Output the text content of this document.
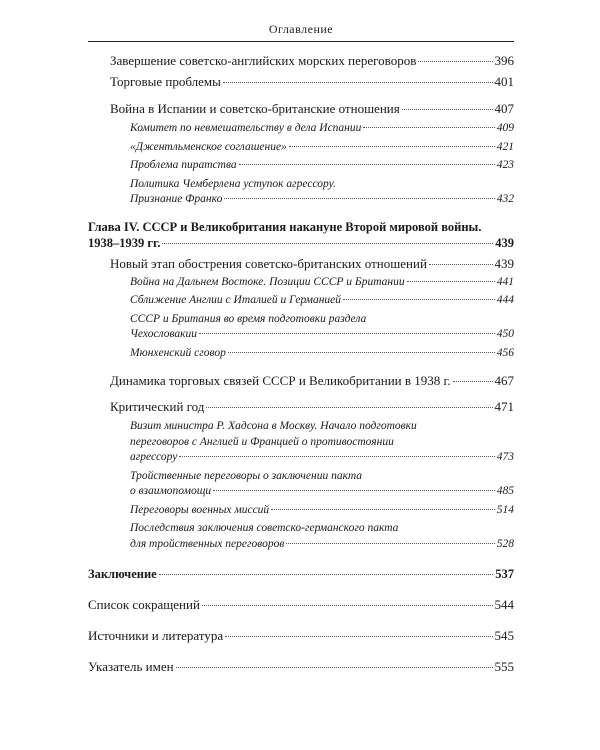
Оглавление
Завершение советско-английских морских переговоров	396
Торговые проблемы	401
Война в Испании и советско-британские отношения	407
Комитет по невмешательству в дела Испании	409
«Джентльменское соглашение»	421
Проблема пиратства	423
Политика Чемберлена уступок агрессору.
Признание Франко	432
Глава IV. СССР и Великобритания накануне Второй мировой войны.
1938–1939 гг.	439
Новый этап обострения советско-британских отношений	439
Война на Дальнем Востоке. Позиции СССР и Британии	441
Сближение Англии с Италией и Германией	444
СССР и Британия во время подготовки раздела
Чехословакии	450
Мюнхенский сговор	456
Динамика торговых связей СССР и Великобритании в 1938 г.	467
Критический год	471
Визит министра Р. Хадсона в Москву. Начало подготовки
переговоров с Англией и Францией о противостоянии
агрессору	473
Тройственные переговоры о заключении пакта
о взаимопомощи	485
Переговоры военных миссий	514
Последствия заключения советско-германского пакта
для тройственных переговоров	528
Заключение	537
Список сокращений	544
Источники и литература	545
Указатель имен	555
